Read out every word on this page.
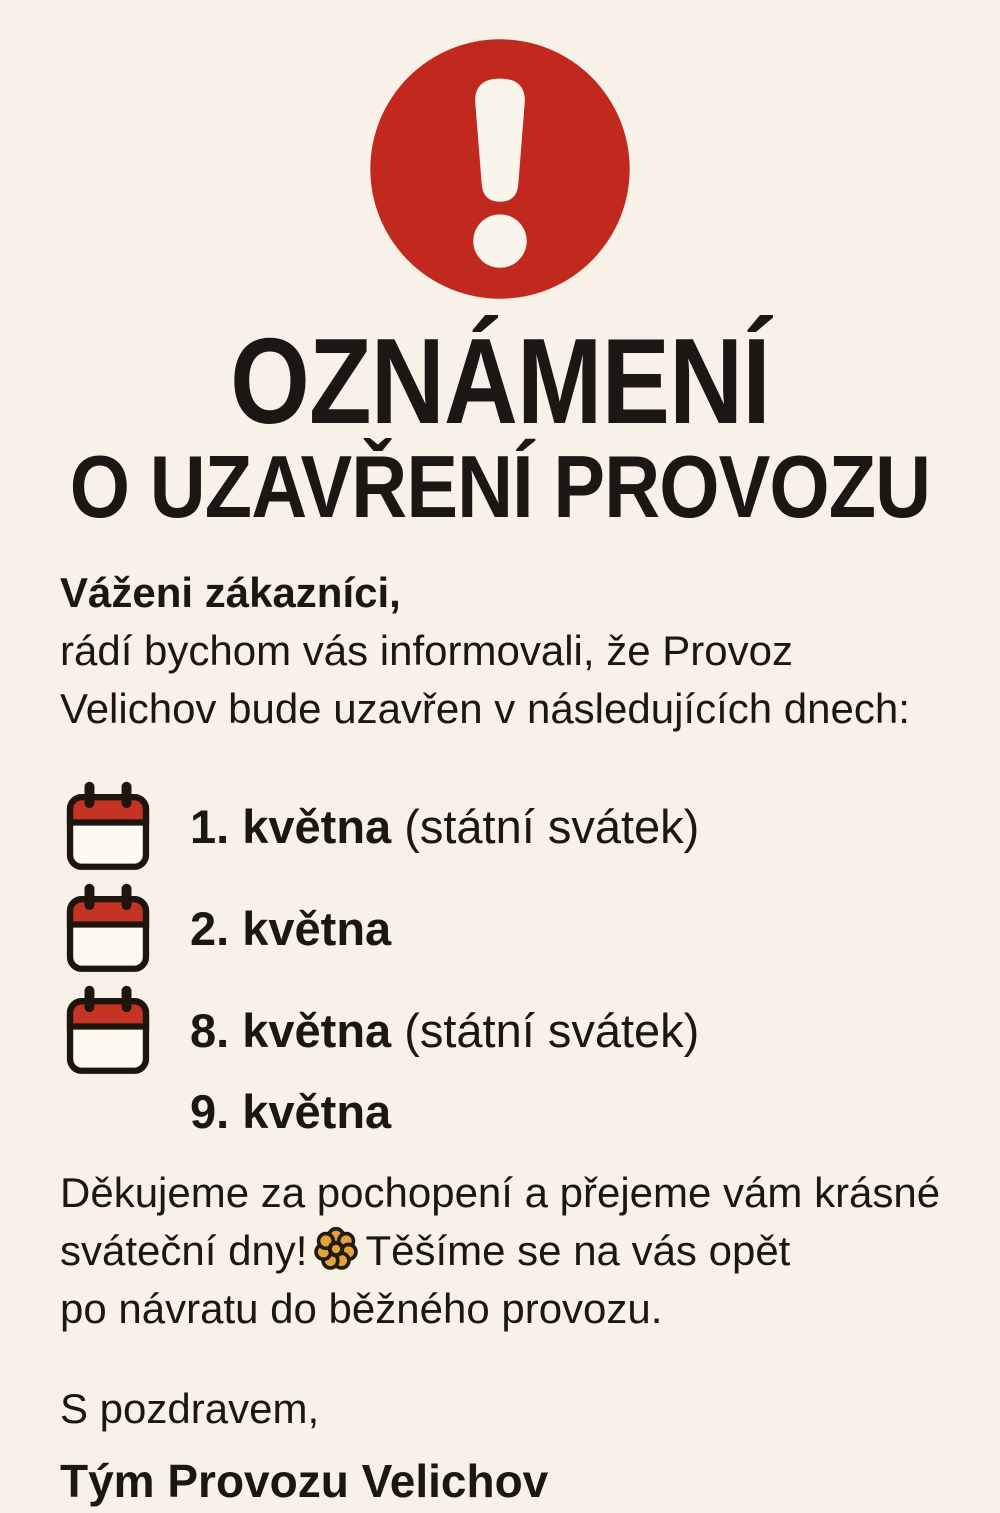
OZNÁMENÍ
O UZAVŘENÍ PROVOZU

Váženi zákazníci,
rádí bychom vás informovali, že Provoz
Velichov bude uzavřen v následujících dnech:

1. května (státní svátek)
2. května
8. května (státní svátek)
9. května

Děkujeme za pochopení a přejeme vám krásné
sváteční dny! Těšíme se na vás opět
po návratu do běžného provozu.

S pozdravem,
Tým Provozu Velichov
